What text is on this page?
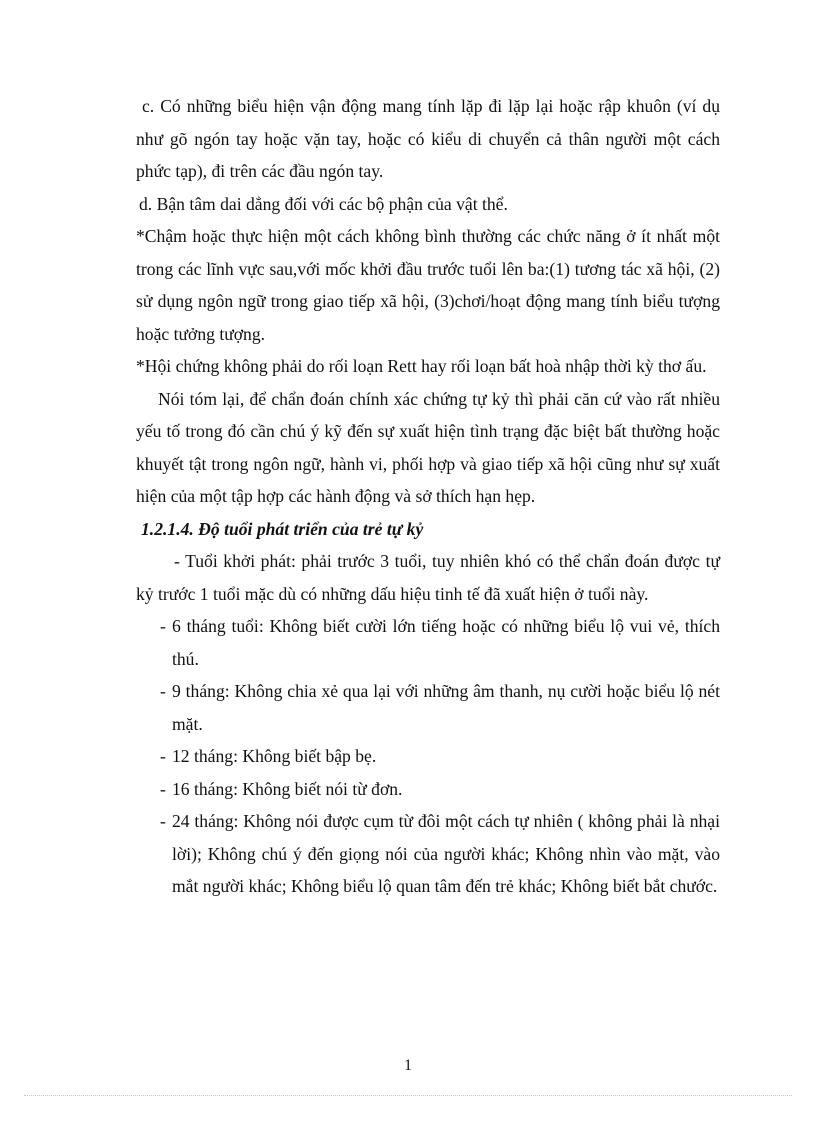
c. Có những biểu hiện vận động mang tính lặp đi lặp lại hoặc rập khuôn (ví dụ như gõ ngón tay hoặc vặn tay, hoặc có kiểu di chuyển cả thân người một cách phức tạp), đi trên các đầu ngón tay.

d. Bận tâm dai dẳng đối với các bộ phận của vật thể.

*Chậm hoặc thực hiện một cách không bình thường các chức năng ở ít nhất một trong các lĩnh vực sau,với mốc khởi đầu trước tuổi lên ba:(1) tương tác xã hội, (2) sử dụng ngôn ngữ trong giao tiếp xã hội, (3)chơi/hoạt động mang tính biểu tượng hoặc tưởng tượng.

*Hội chứng không phải do rối loạn Rett hay rối loạn bất hoà nhập thời kỳ thơ ấu.

Nói tóm lại, để chẩn đoán chính xác chứng tự kỷ thì phải căn cứ vào rất nhiều yếu tố trong đó cần chú ý kỹ đến sự xuất hiện tình trạng đặc biệt bất thường hoặc khuyết tật trong ngôn ngữ, hành vi, phối hợp và giao tiếp xã hội cũng như sự xuất hiện của một tập hợp các hành động và sở thích hạn hẹp.

1.2.1.4. Độ tuổi phát triển của trẻ tự kỷ

- Tuổi khởi phát: phải trước 3 tuổi, tuy nhiên khó có thể chẩn đoán được tự kỷ trước 1 tuổi mặc dù có những dấu hiệu tinh tế đã xuất hiện ở tuổi này.

- 6 tháng tuổi: Không biết cười lớn tiếng hoặc có những biểu lộ vui vẻ, thích thú.
- 9 tháng: Không chia xẻ qua lại với những âm thanh, nụ cười hoặc biểu lộ nét mặt.
- 12 tháng: Không biết bập bẹ.
- 16 tháng: Không biết nói từ đơn.
- 24 tháng: Không nói được cụm từ đôi một cách tự nhiên ( không phải là nhại lời); Không chú ý đến giọng nói của người khác; Không nhìn vào mặt, vào mắt người khác; Không biểu lộ quan tâm đến trẻ khác; Không biết bắt chước.
1
